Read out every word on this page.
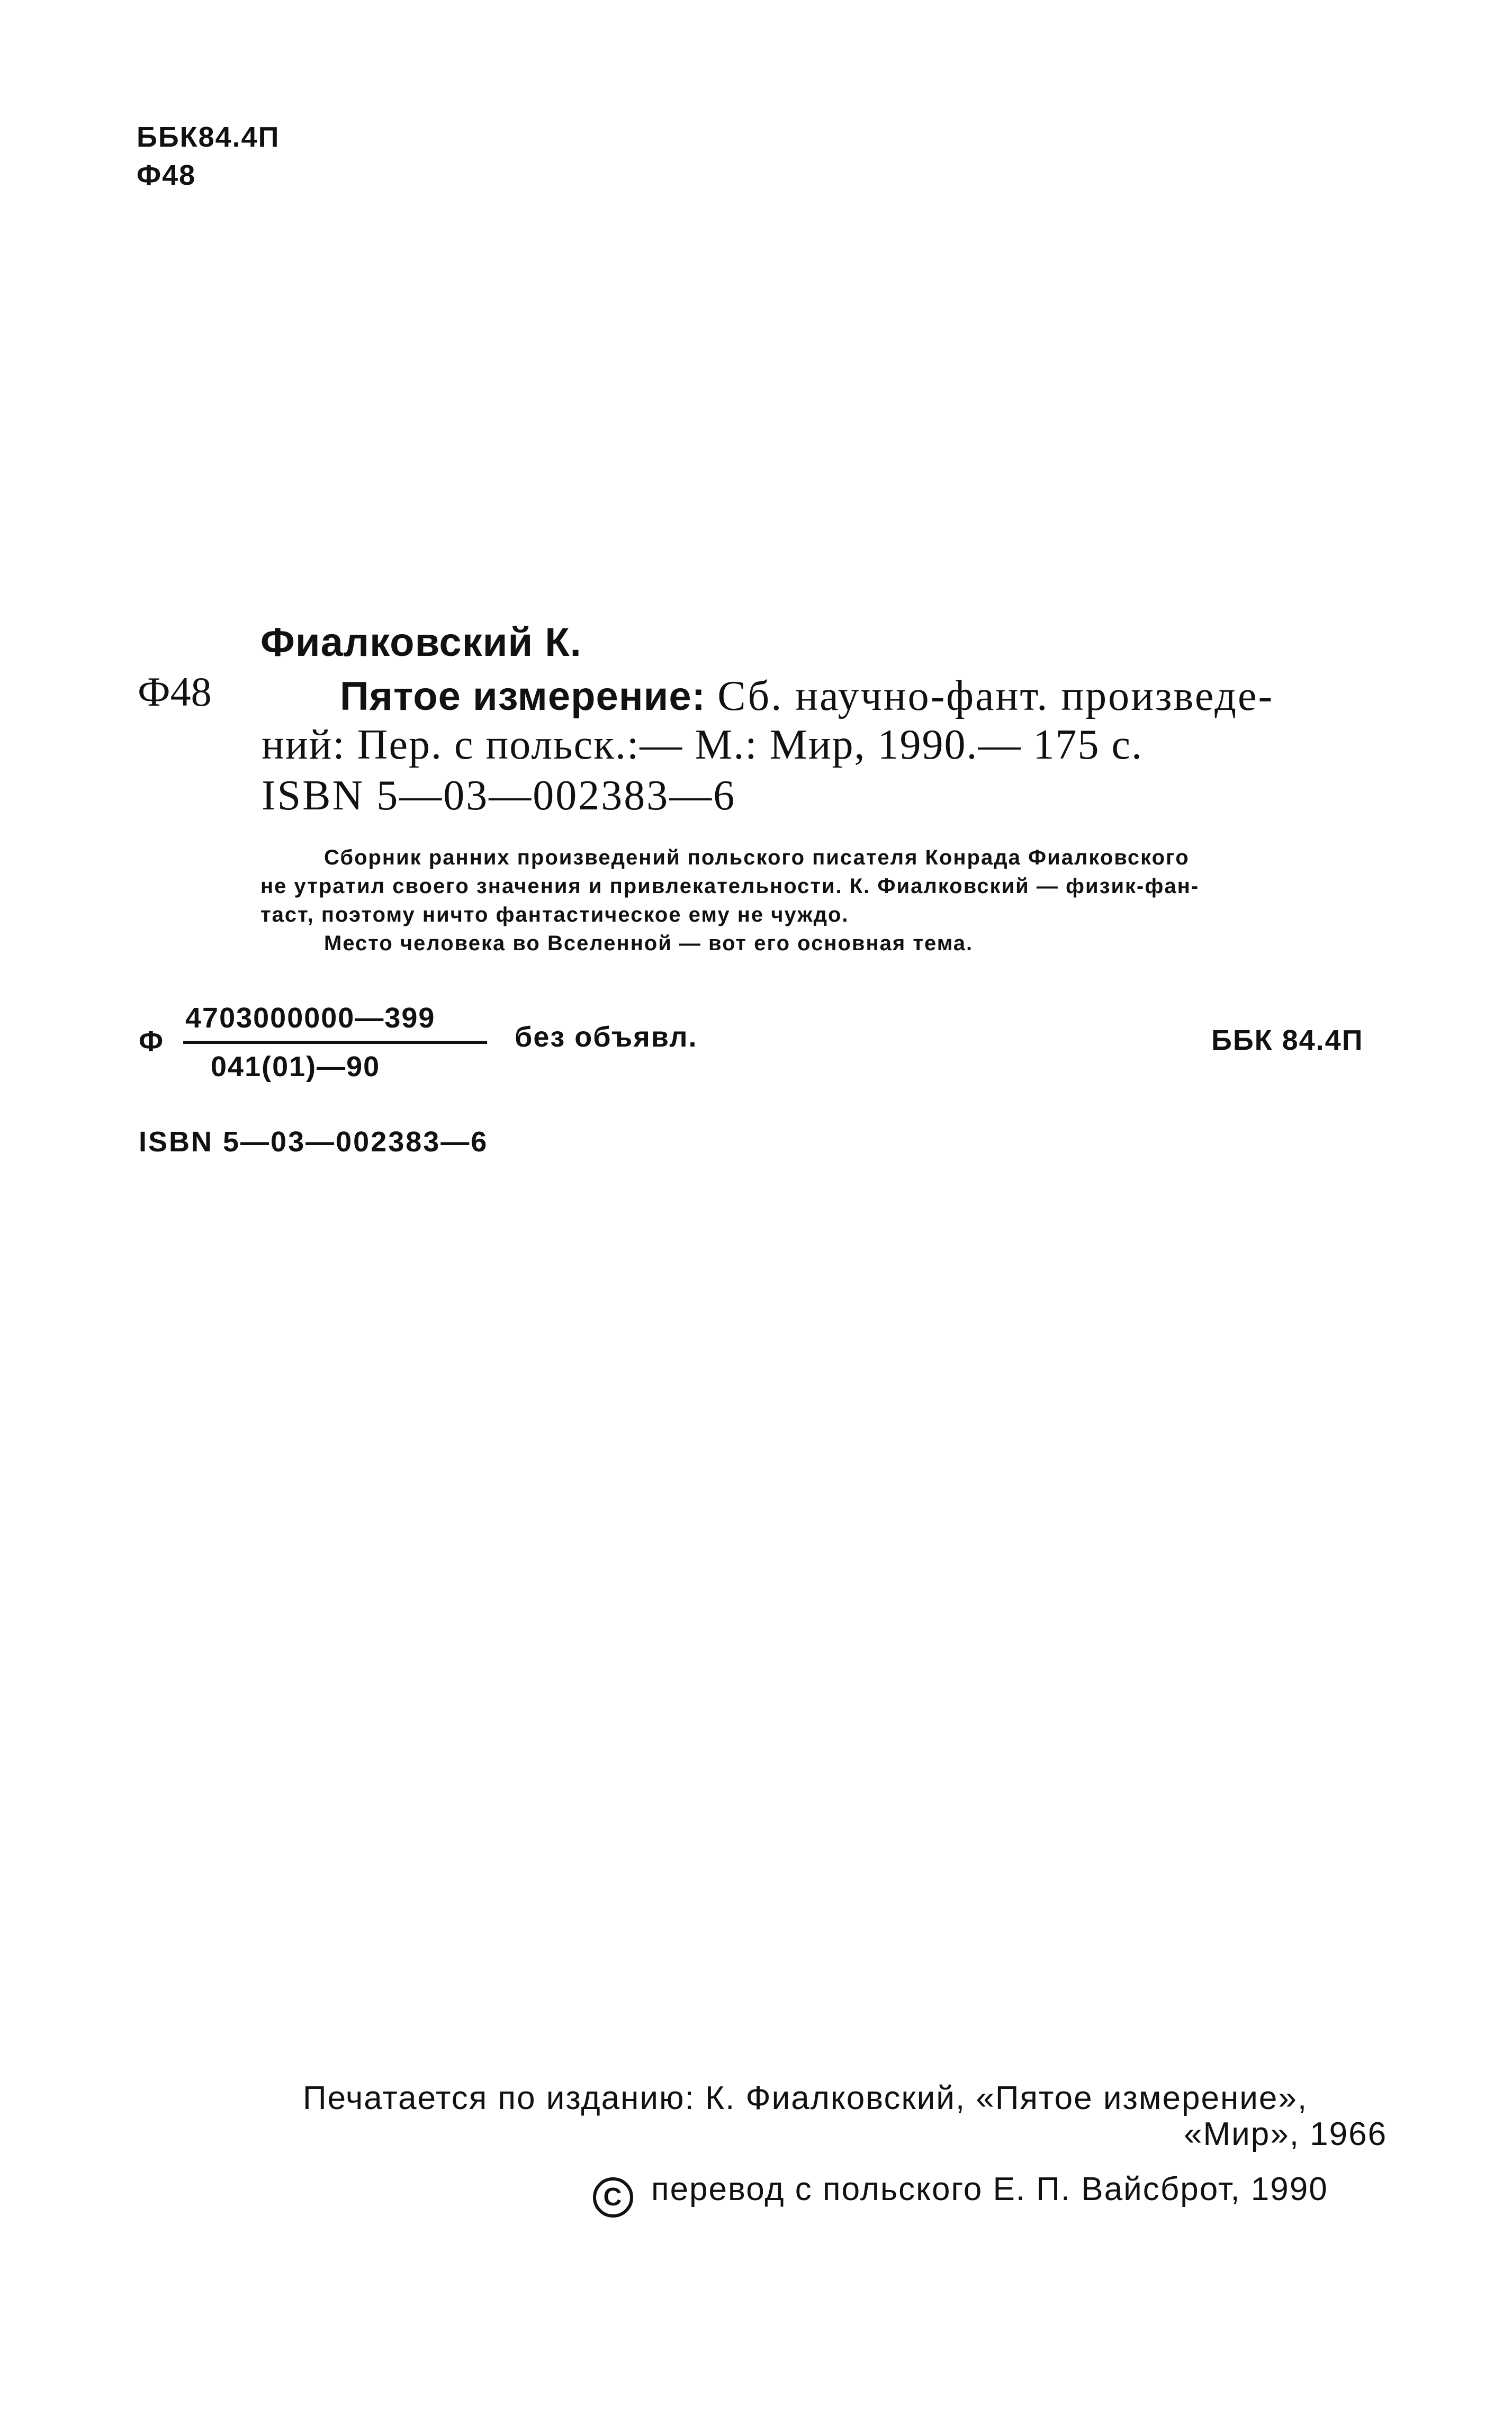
ББК84.4П
Ф48
Ф48
Фиалковский К.
Пятое измерение: Сб. научно-фант. произведе-
ний: Пер. с польск.:— М.: Мир, 1990.— 175 с.
ISBN 5—03—002383—6
Сборник ранних произведений польского писателя Конрада Фиалковского
не утратил своего значения и привлекательности. К. Фиалковский — физик-фан-
таст, поэтому ничто фантастическое ему не чуждо.
Место человека во Вселенной — вот его основная тема.
Ф
4703000000—399
041(01)—90
без объявл.	ББК 84.4П
ISBN 5—03—002383—6
Печатается по изданию: К. Фиалковский, «Пятое измерение»,
«Мир», 1966
C перевод с польского Е. П. Вайсброт, 1990
